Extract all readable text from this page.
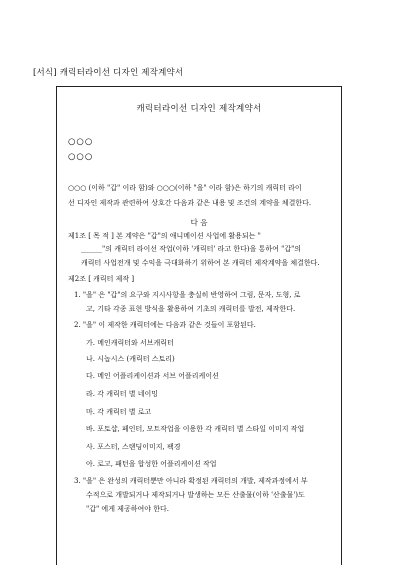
[서식] 캐릭터라이선 디자인 제작계약서
캐릭터라이선 디자인 제작계약서
○○○
○○○
○○○ (이하 "갑" 이라 함)와 ○○○(이하 "을" 이라 함)은 하기의 캐릭터 라이
선 디자인 제작과 관련하여 상호간 다음과 같은 내용 및 조건의 계약을 체결한다.
다 음
제1조 [ 목 적 ] 본 계약은 "갑"의 애니메이션 사업에 활용되는 "
______"의 캐릭터 라이선 작업(이하 '캐릭터' 라고 한다)을 통하여 "갑"의
캐릭터 사업전개 및 수익을 극대화하기 위하여 본 캐릭터 제작계약을 체결한다.
제2조 [ 캐릭터 제작 ]
1. "을" 은 "갑"의 요구와 지시사항을 충실히 반영하여 그림, 문자, 도형, 로
고, 기타 각종 표현 방식을 활용하여 기초의 캐릭터를 발전, 제작한다.
2. "을" 이 제작한 캐릭터에는 다음과 같은 것들이 포함된다.
가. 메인캐릭터와 서브캐릭터
나. 시놉시스 (캐릭터 스토리)
다. 메인 어플리케이션과 서브 어플리케이션
라. 각 캐릭터 별 네이밍
마. 각 캐릭터 별 로고
바. 포토샵, 페인터, 모트작업을 이용한 각 캐릭터 별 스타일 이미지 작업
사. 포스터, 스탠딩이미지, 팩경
아. 로고, 패턴을 합성한 어플리케이션 작업
3. "을" 은 완성의 캐릭터뿐만 아니라 확정된 캐릭터의 개발, 제작과정에서 부
수적으로 개발되거나 제작되거나 발생하는 모든 산출물(이하 '산출물')도
"갑" 에게 제공하여야 한다.
